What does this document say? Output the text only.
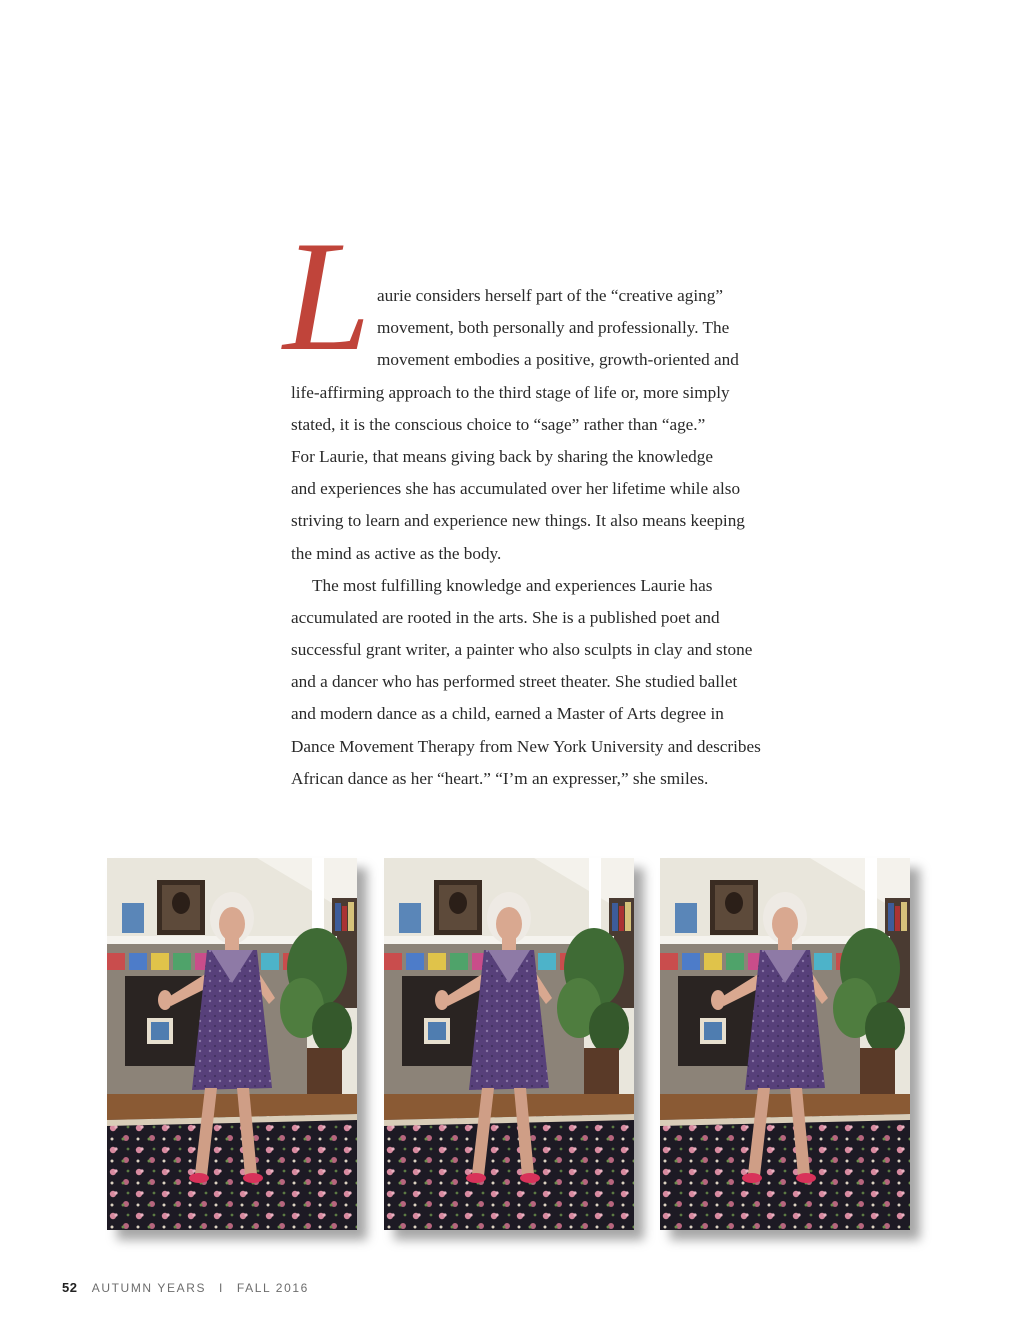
L aurie considers herself part of the “creative aging”
movement, both personally and professionally. The
movement embodies a positive, growth-oriented and
life-affirming approach to the third stage of life or, more simply
stated, it is the conscious choice to “sage” rather than “age.”
For Laurie, that means giving back by sharing the knowledge
and experiences she has accumulated over her lifetime while also
striving to learn and experience new things. It also means keeping
the mind as active as the body.
The most fulfilling knowledge and experiences Laurie has
accumulated are rooted in the arts. She is a published poet and
successful grant writer, a painter who also sculpts in clay and stone
and a dancer who has performed street theater. She studied ballet
and modern dance as a child, earned a Master of Arts degree in
Dance Movement Therapy from New York University and describes
African dance as her “heart.” “I’m an expresser,” she smiles.
52 AUTUMN YEARS I FALL 2016
